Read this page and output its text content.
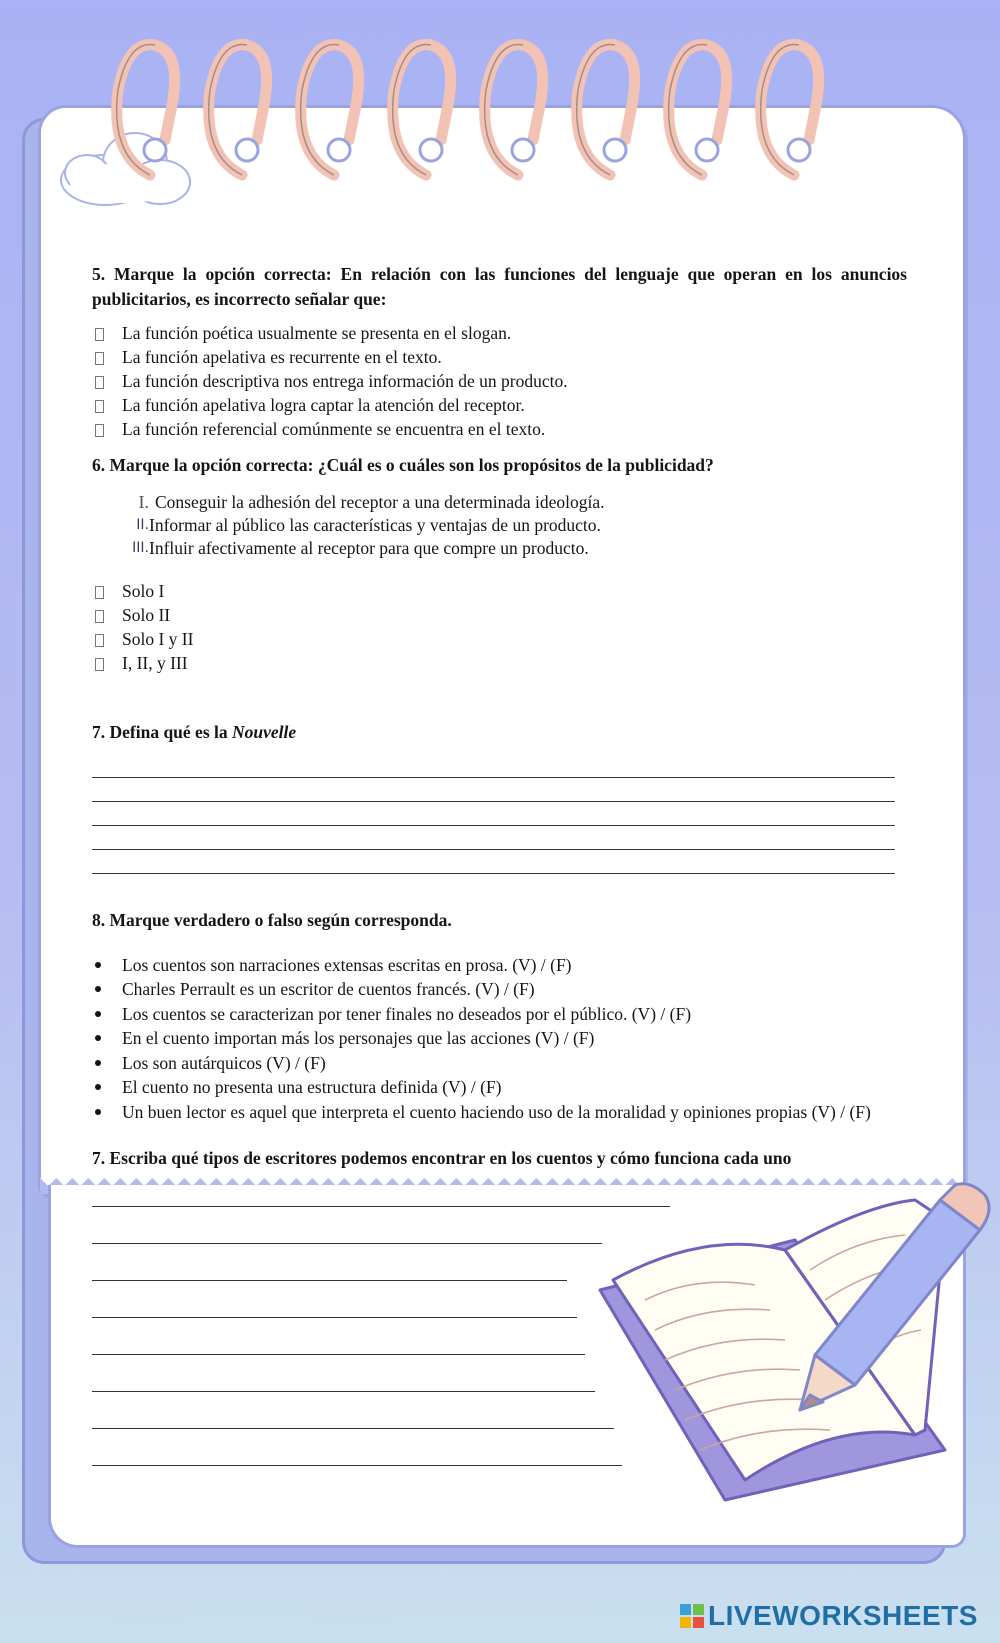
5. Marque la opción correcta: En relación con las funciones del lenguaje que operan en los anuncios publicitarios, es incorrecto señalar que:

La función poética usualmente se presenta en el slogan.
La función apelativa es recurrente en el texto.
La función descriptiva nos entrega información de un producto.
La función apelativa logra captar la atención del receptor.
La función referencial comúnmente se encuentra en el texto.

6. Marque la opción correcta: ¿Cuál es o cuáles son los propósitos de la publicidad?

I. Conseguir la adhesión del receptor a una determinada ideología.
II. Informar al público las características y ventajas de un producto.
III. Influir afectivamente al receptor para que compre un producto.
Solo I
Solo II
Solo I y II
I, II, y III

7. Defina qué es la Nouvelle

8. Marque verdadero o falso según corresponda.

Los cuentos son narraciones extensas escritas en prosa. (V) / (F)
Charles Perrault es un escritor de cuentos francés. (V) / (F)
Los cuentos se caracterizan por tener finales no deseados por el público. (V) / (F)
En el cuento importan más los personajes que las acciones (V) / (F)
Los son autárquicos (V) / (F)
El cuento no presenta una estructura definida (V) / (F)
Un buen lector es aquel que interpreta el cuento haciendo uso de la moralidad y opiniones propias (V) / (F)

7. Escriba qué tipos de escritores podemos encontrar en los cuentos y cómo funciona cada uno

LIVEWORKSHEETS
